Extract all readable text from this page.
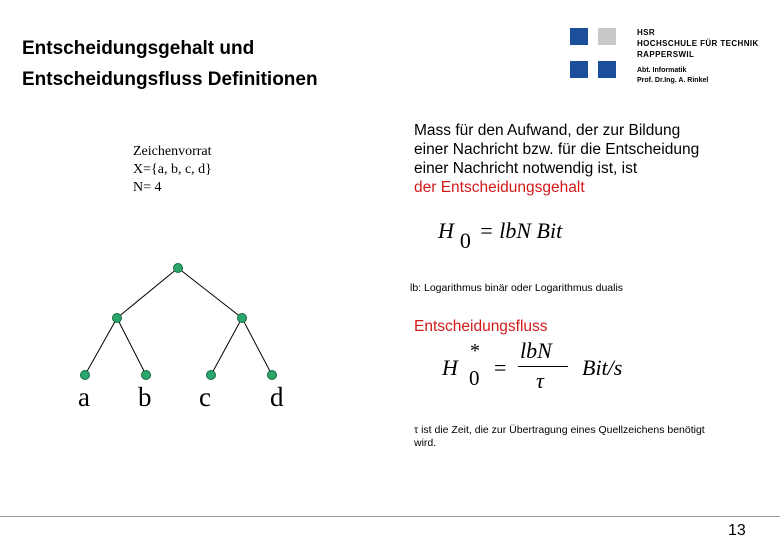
Entscheidungsgehalt und
Entscheidungsfluss Definitionen
HSR
HOCHSCHULE FÜR TECHNIK
RAPPERSWIL
Abt. Informatik
Prof. Dr.Ing. A. Rinkel
Zeichenvorrat
X={a, b, c, d}
N= 4
a b c d
Mass für den Aufwand, der zur Bildung
einer Nachricht bzw. für die Entscheidung
einer Nachricht notwendig ist, ist
der Entscheidungsgehalt
H 0 = lbN Bit
lb: Logarithmus binär oder Logarithmus dualis
Entscheidungsfluss
H
*
0 =
lbN
τ
Bit/s
τ ist die Zeit, die zur Übertragung eines Quellzeichens benötigt
wird.
13
